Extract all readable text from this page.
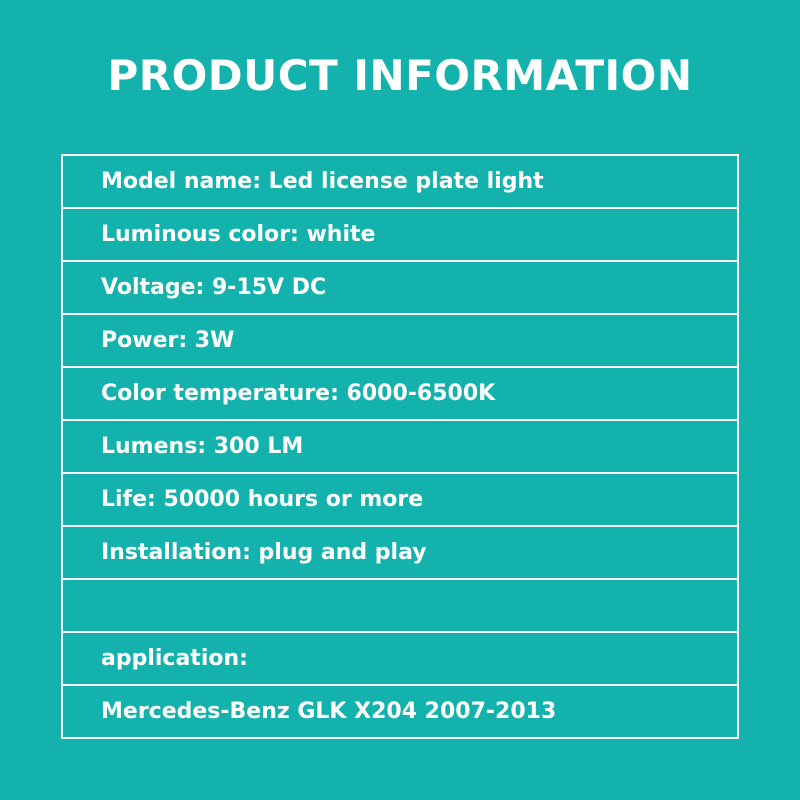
PRODUCT INFORMATION
Model name: Led license plate light
Luminous color: white
Voltage: 9-15V DC
Power: 3W
Color temperature: 6000-6500K
Lumens: 300 LM
Life: 50000 hours or more
Installation: plug and play
application:
Mercedes-Benz GLK X204 2007-2013
